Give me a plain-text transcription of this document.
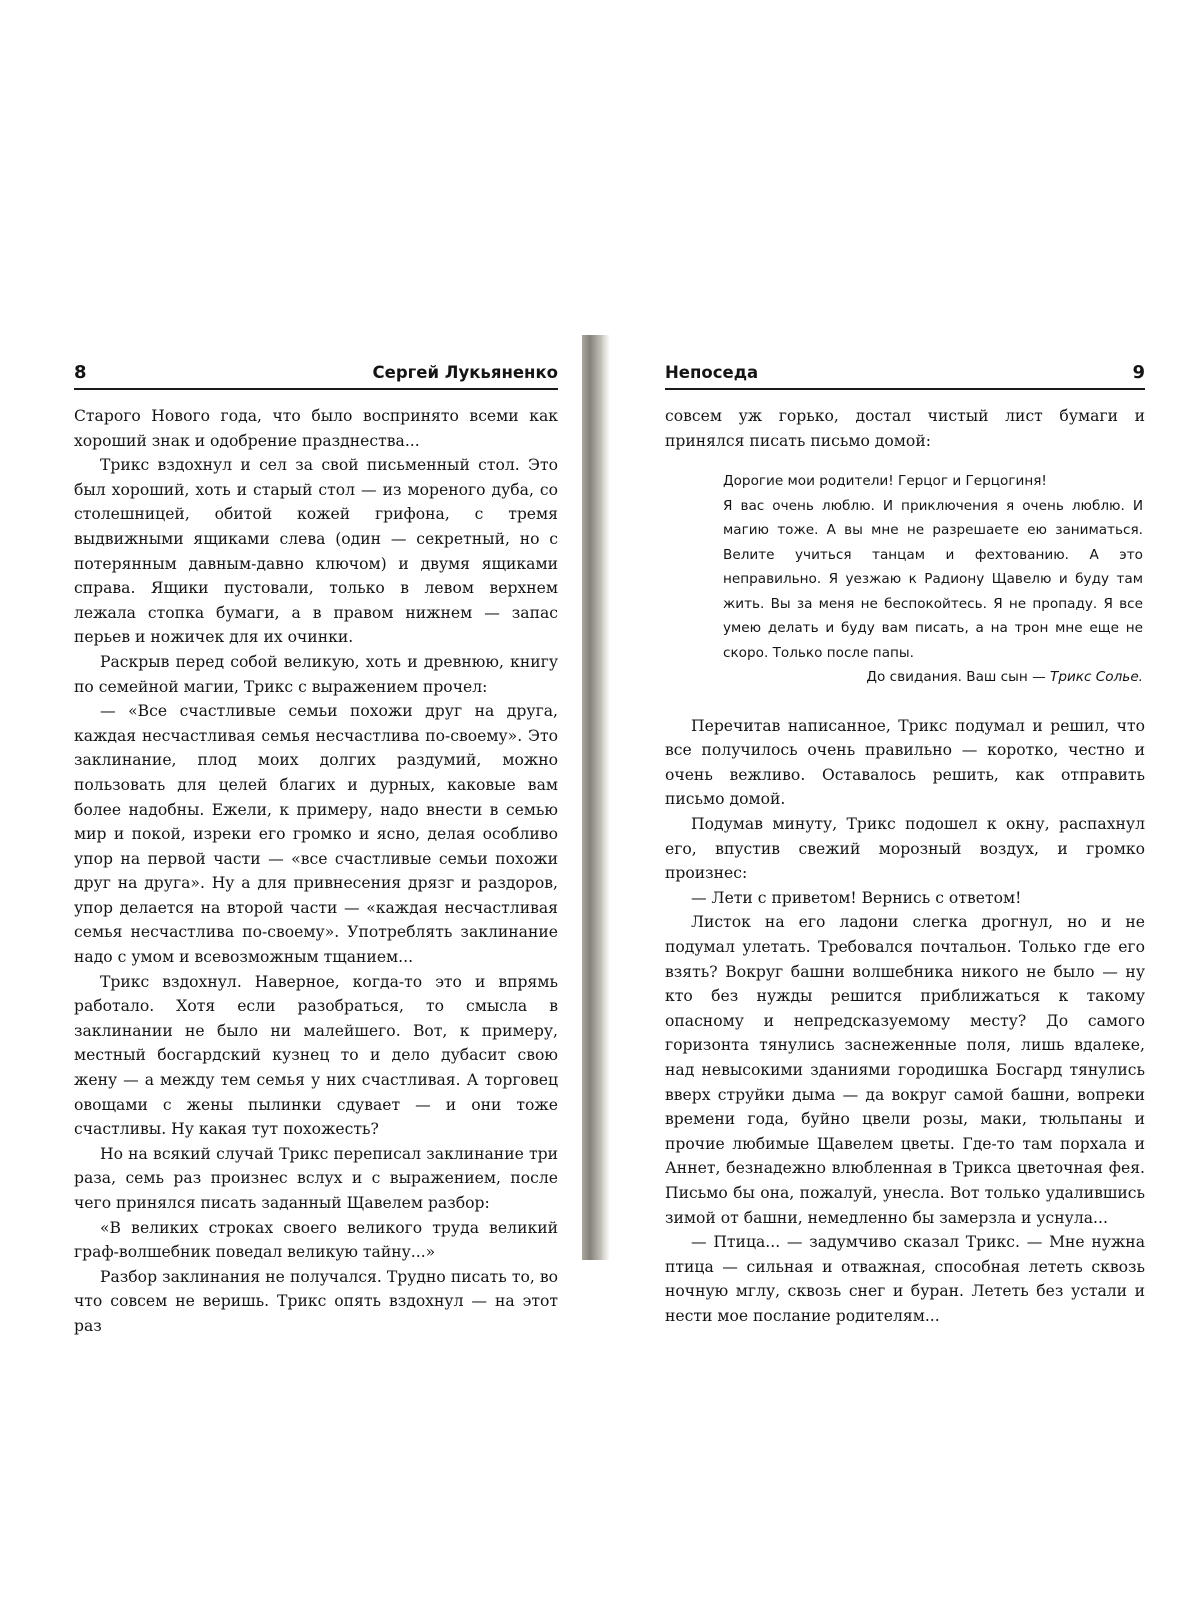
8	Сергей Лукьяненко

Старого Нового года, что было воспринято всеми как хороший знак и одобрение празднества...

Трикс вздохнул и сел за свой письменный стол. Это был хороший, хоть и старый стол — из мореного дуба, со столешницей, обитой кожей грифона, с тремя выдвижными ящиками слева (один — секретный, но с потерянным давным-давно ключом) и двумя ящиками справа. Ящики пустовали, только в левом верхнем лежала стопка бумаги, а в правом нижнем — запас перьев и ножичек для их очинки.

Раскрыв перед собой великую, хоть и древнюю, книгу по семейной магии, Трикс с выражением прочел:

— «Все счастливые семьи похожи друг на друга, каждая несчастливая семья несчастлива по-своему». Это заклинание, плод моих долгих раздумий, можно пользовать для целей благих и дурных, каковые вам более надобны. Ежели, к примеру, надо внести в семью мир и покой, изреки его громко и ясно, делая особливо упор на первой части — «все счастливые семьи похожи друг на друга». Ну а для привнесения дрязг и раздоров, упор делается на второй части — «каждая несчастливая семья несчастлива по-своему». Употреблять заклинание надо с умом и всевозможным тщанием...

Трикс вздохнул. Наверное, когда-то это и впрямь работало. Хотя если разобраться, то смысла в заклинании не было ни малейшего. Вот, к примеру, местный босгардский кузнец то и дело дубасит свою жену — а между тем семья у них счастливая. А торговец овощами с жены пылинки сдувает — и они тоже счастливы. Ну какая тут похожесть?

Но на всякий случай Трикс переписал заклинание три раза, семь раз произнес вслух и с выражением, после чего принялся писать заданный Щавелем разбор:

«В великих строках своего великого труда великий граф-волшебник поведал великую тайну...»

Разбор заклинания не получался. Трудно писать то, во что совсем не веришь. Трикс опять вздохнул — на этот раз

Непоседа	9

совсем уж горько, достал чистый лист бумаги и принялся писать письмо домой:

Дорогие мои родители! Герцог и Герцогиня!

Я вас очень люблю. И приключения я очень люблю. И магию тоже. А вы мне не разрешаете ею заниматься. Велите учиться танцам и фехтованию. А это неправильно. Я уезжаю к Радиону Щавелю и буду там жить. Вы за меня не беспокойтесь. Я не пропаду. Я все умею делать и буду вам писать, а на трон мне еще не скоро. Только после папы.

До свидания. Ваш сын — Трикс Солье.

Перечитав написанное, Трикс подумал и решил, что все получилось очень правильно — коротко, честно и очень вежливо. Оставалось решить, как отправить письмо домой.

Подумав минуту, Трикс подошел к окну, распахнул его, впустив свежий морозный воздух, и громко произнес:

— Лети с приветом! Вернись с ответом!

Листок на его ладони слегка дрогнул, но и не подумал улетать. Требовался почтальон. Только где его взять? Вокруг башни волшебника никого не было — ну кто без нужды решится приближаться к такому опасному и непредсказуемому месту? До самого горизонта тянулись заснеженные поля, лишь вдалеке, над невысокими зданиями городишка Босгард тянулись вверх струйки дыма — да вокруг самой башни, вопреки времени года, буйно цвели розы, маки, тюльпаны и прочие любимые Щавелем цветы. Где-то там порхала и Аннет, безнадежно влюбленная в Трикса цветочная фея. Письмо бы она, пожалуй, унесла. Вот только удалившись зимой от башни, немедленно бы замерзла и уснула...

— Птица... — задумчиво сказал Трикс. — Мне нужна птица — сильная и отважная, способная лететь сквозь ночную мглу, сквозь снег и буран. Лететь без устали и нести мое послание родителям...
